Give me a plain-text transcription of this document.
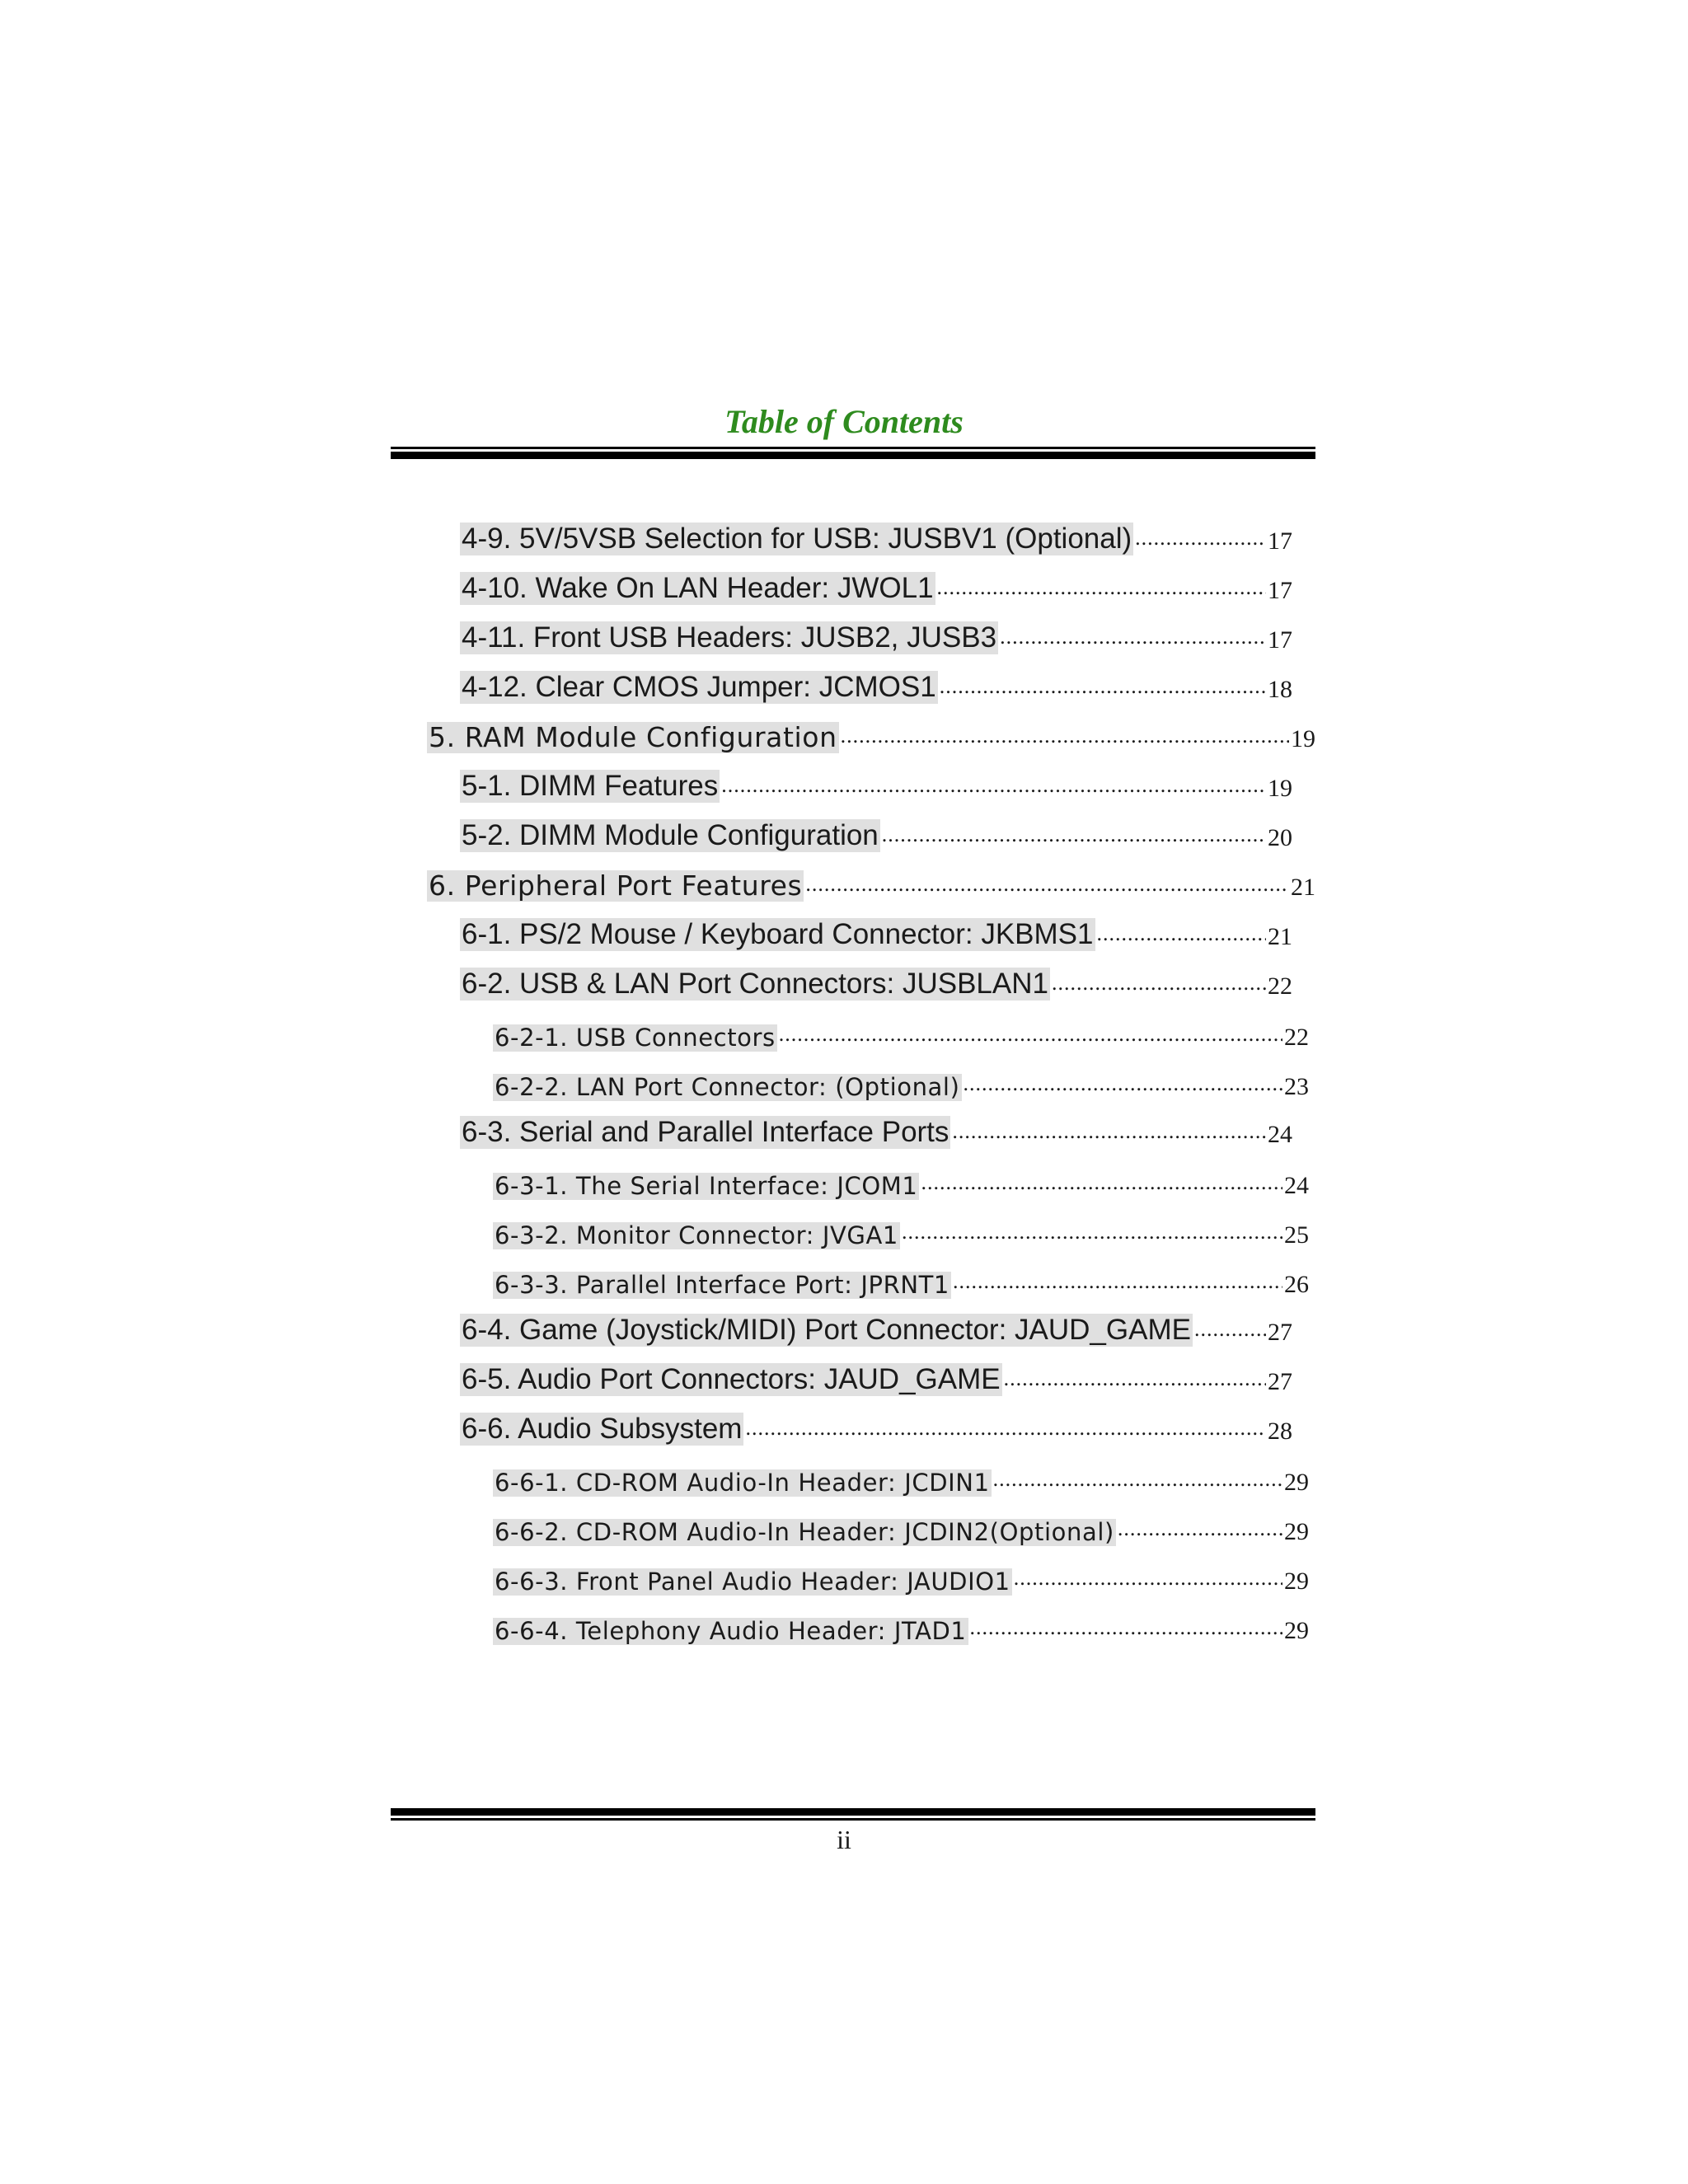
Table of Contents
4-9. 5V/5VSB Selection for USB: JUSBV1 (Optional) .....	17
4-10. Wake On LAN Header: JWOL1 .....	17
4-11. Front USB Headers: JUSB2, JUSB3 .....	17
4-12. Clear CMOS Jumper: JCMOS1 .....	18
5. RAM Module Configuration .....	19
5-1. DIMM Features .....	19
5-2. DIMM Module Configuration .....	20
6. Peripheral Port Features .....	21
6-1. PS/2 Mouse / Keyboard Connector: JKBMS1 .....	21
6-2. USB & LAN Port Connectors: JUSBLAN1 .....	22
6-2-1. USB Connectors .....	22
6-2-2. LAN Port Connector: (Optional) .....	23
6-3. Serial and Parallel Interface Ports .....	24
6-3-1. The Serial Interface: JCOM1 .....	24
6-3-2. Monitor Connector: JVGA1 .....	25
6-3-3. Parallel Interface Port: JPRNT1 .....	26
6-4. Game (Joystick/MIDI) Port Connector: JAUD_GAME .....	27
6-5. Audio Port Connectors: JAUD_GAME .....	27
6-6. Audio Subsystem .....	28
6-6-1. CD-ROM Audio-In Header: JCDIN1 .....	29
6-6-2. CD-ROM Audio-In Header: JCDIN2(Optional) .....	29
6-6-3. Front Panel Audio Header: JAUDIO1 .....	29
6-6-4. Telephony Audio Header: JTAD1 .....	29
ii
